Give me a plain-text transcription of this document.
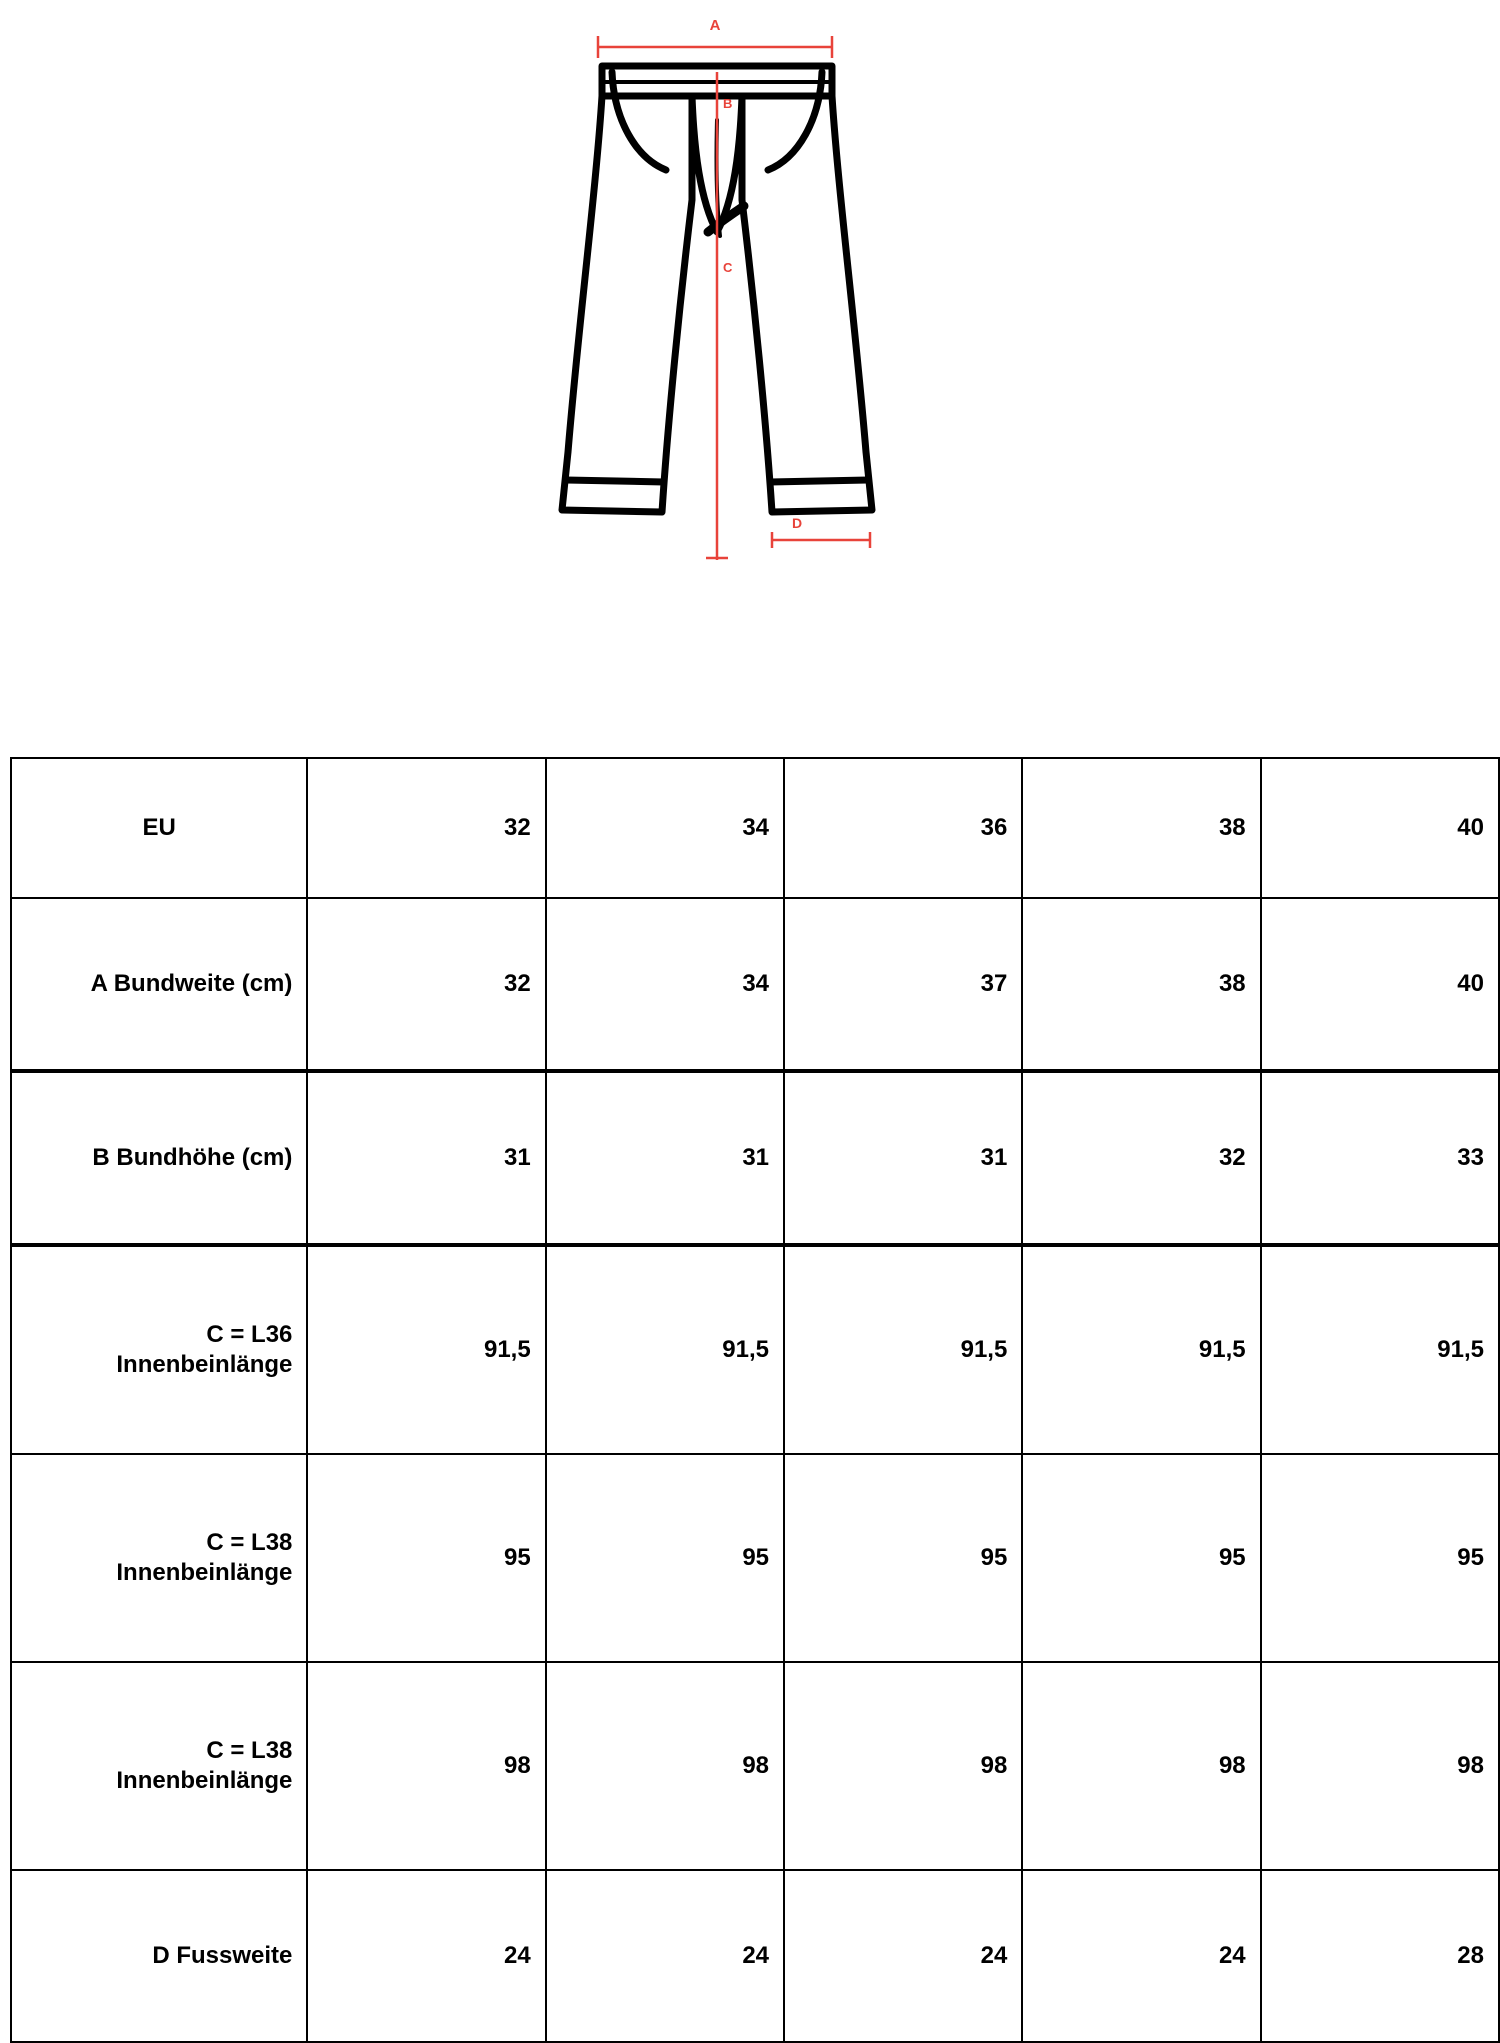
A
B
C
D
EU	32	34	36	38	40
A Bundweite (cm)	32	34	37	38	40
B Bundhöhe (cm)	31	31	31	32	33
C = L36 Innenbeinlänge	91,5	91,5	91,5	91,5	91,5
C = L38 Innenbeinlänge	95	95	95	95	95
C = L38 Innenbeinlänge	98	98	98	98	98
D Fussweite	24	24	24	24	28
